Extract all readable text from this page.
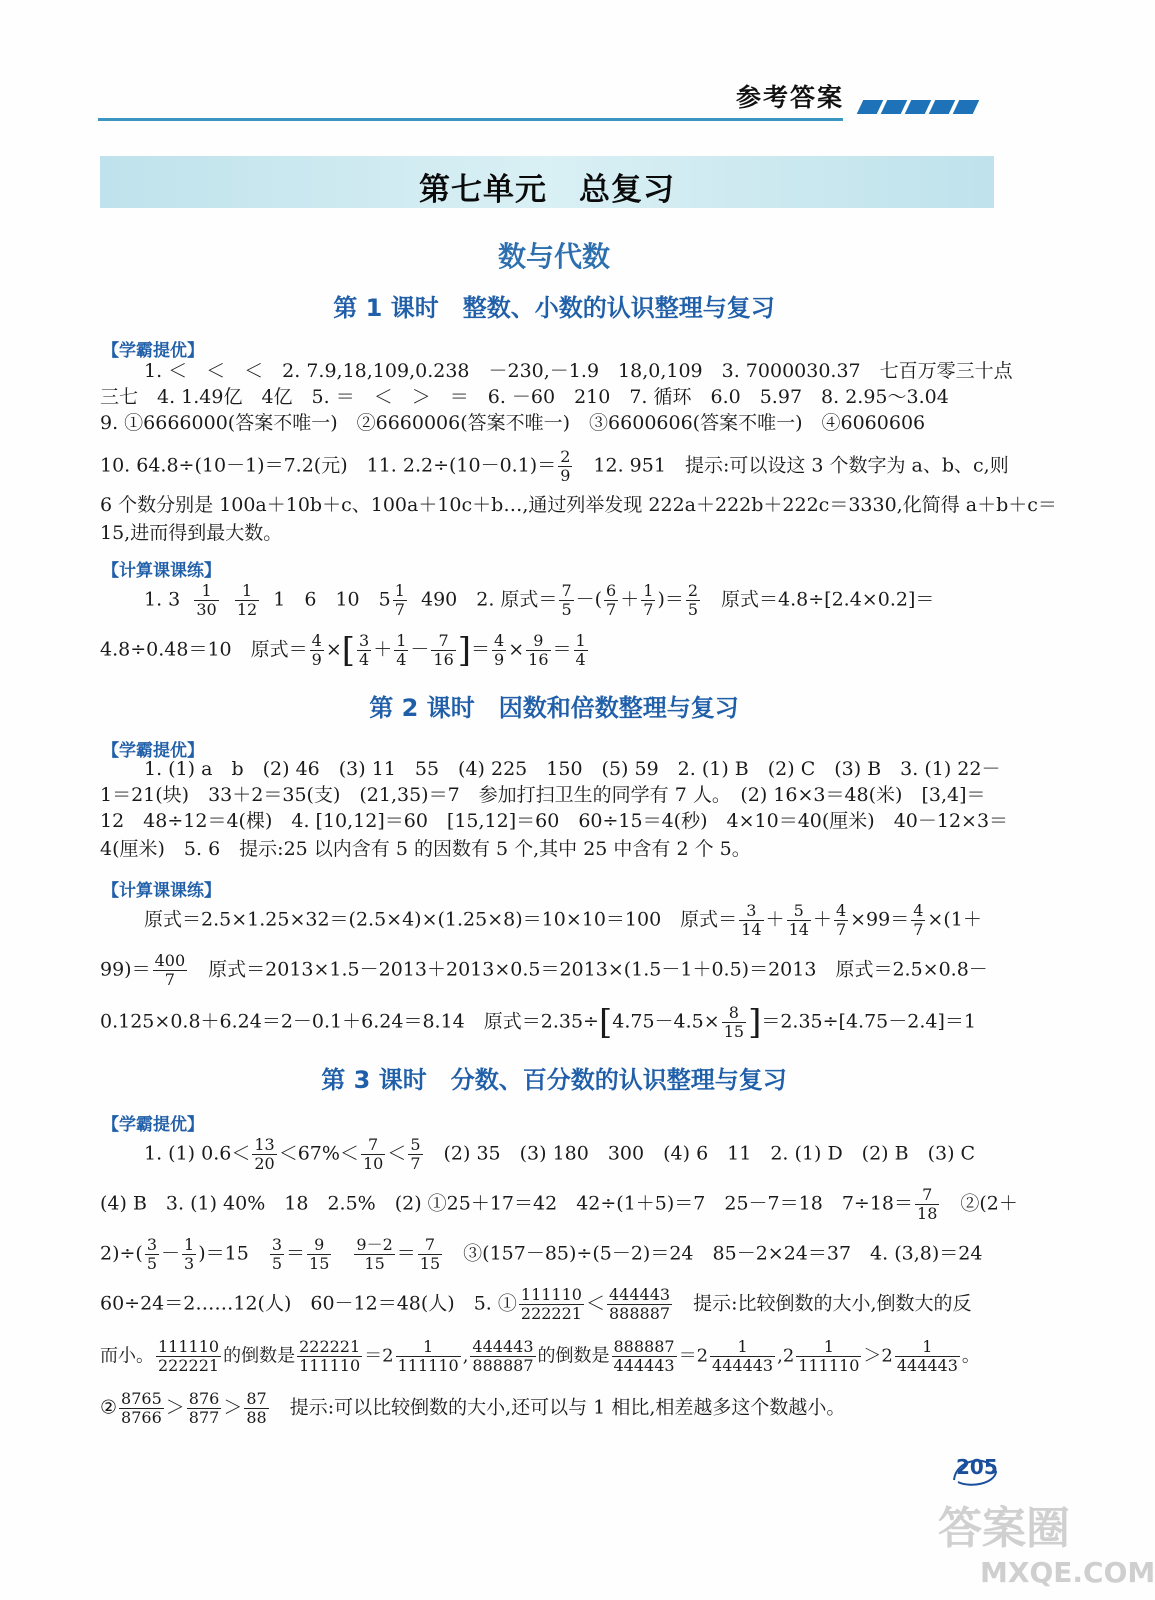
参考答案
第七单元　总复习
数与代数
第 1 课时　整数、小数的认识整理与复习
【学霸提优】
1. ＜　＜　＜　2. 7.9,18,109,0.238　－230,－1.9　18,0,109　3. 7000030.37　七百万零三十点
三七　4. 1.49亿　4亿　5. ＝　＜　＞　＝　6. －60　210　7. 循环　6.0　5.97　8. 2.95～3.04
9. ①6666000(答案不唯一)　②6660006(答案不唯一)　③6600606(答案不唯一)　④6060606
10. 64.8÷(10－1)＝7.2(元)　11. $2.2\div(10-0.1)= \frac{2}{9}$ 　12. 951　提示:可以设这 3 个数字为 a、b、c,则
6 个数分别是 100a＋10b＋c、100a＋10c＋b…,通过列举发现 222a＋222b＋222c＝3330,化简得 a＋b＋c＝
15,进而得到最大数。
【计算课课练】
1. $3 \frac{1}{30}$
$\frac{1}{12} 1$　6　10　$5 \frac{1}{7} 490$　2. 原式＝ $\frac{7}{5}$ －( $\frac{6}{7} + \frac{1}{7}$ )＝ $\frac{2}{5}$ 　原式＝4.8÷[2.4×0.2]＝
4.8÷0.48＝10　原式＝ $\frac{4}{9}$ ×[ $\frac{3}{4} + \frac{1}{4} - \frac{7}{16}$ ]＝ $\frac{4}{9} \times \frac{9}{16} = \frac{1}{4}$
第 2 课时　因数和倍数整理与复习
【学霸提优】
1. (1) a　b　(2) 46　(3) 11　55　(4) 225　150　(5) 59　2. (1) B　(2) C　(3) B　3. (1) 22－
1＝21(块)　33＋2＝35(支)　(21,35)＝7　参加打扫卫生的同学有 7 人。　(2) 16×3＝48(米)　[3,4]＝
12　48÷12＝4(棵)　4. [10,12]＝60　[15,12]＝60　60÷15＝4(秒)　4×10＝40(厘米)　40－12×3＝
4(厘米)　5. 6　提示:25 以内含有 5 的因数有 5 个,其中 25 中含有 2 个 5。
【计算课课练】
原式＝2.5×1.25×32＝(2.5×4)×(1.25×8)＝10×10＝100　原式＝ $\frac{3}{14} + \frac{5}{14} + \frac{4}{7} \times 99= \frac{4}{7} \times(1+$
$99)= \frac{400}{7}$ 　原式＝2013×1.5－2013＋2013×0.5＝2013×(1.5－1＋0.5)＝2013　原式＝2.5×0.8－
0.125×0.8＋6.24＝2－0.1＋6.24＝8.14　原式$=2.35\div[4.75-4.5\times \frac{8}{15} ]=2.35\div[4.75-2.4]=1$
第 3 课时　分数、百分数的认识整理与复习
【学霸提优】
1. (1) $0.6< \frac{13}{20} <67\%< \frac{7}{10} < \frac{5}{7}$ 　(2) 35　(3) 180　300　(4) 6　11　2. (1) D　(2) B　(3) C
(4) B　3. (1) 40%　18　2.5%　(2) ①25＋17＝42　42÷(1＋5)＝7　25－7＝18　$7\div 18= \frac{7}{18}$ 　②(2＋
$2)\div( \frac{3}{5} - \frac{1}{3} )=15$　 $\frac{3}{5} = \frac{9}{15}$
　 $\frac{9-2}{15} = \frac{7}{15}$ 　③(157－85)÷(5－2)＝24　85－2×24＝37　4. (3,8)＝24
60÷24＝2……12(人)　60－12＝48(人)　5. ① $\frac{111110}{222221} < \frac{444443}{888887}$ 　提示:比较倒数的大小,倒数大的反
而小。 $\frac{111110}{222221}$ 的倒数是 $\frac{222221}{111110} =2 \frac{1}{111110}$ , $\frac{444443}{888887}$ 的倒数是 $\frac{888887}{444443} =2 \frac{1}{444443} ,2 \frac{1}{111110} >2 \frac{1}{444443}$ 。
② $\frac{8765}{8766} > \frac{876}{877} > \frac{87}{88}$ 　提示:可以比较倒数的大小,还可以与 1 相比,相差越多这个数越小。
205
答案圈
MXQE.COM
